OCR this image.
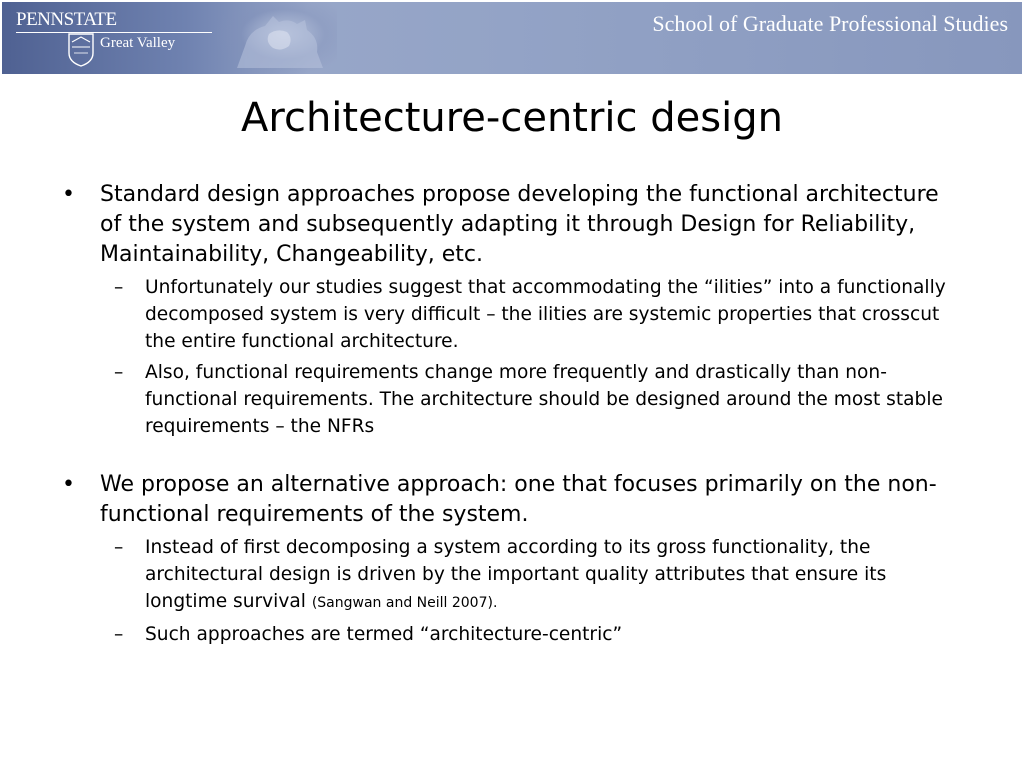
PENNSTATE
Great Valley
School of Graduate Professional Studies
Architecture-centric design
• Standard design approaches propose developing the functional architecture of the system and subsequently adapting it through Design for Reliability, Maintainability, Changeability, etc.
– Unfortunately our studies suggest that accommodating the “ilities” into a functionally decomposed system is very difficult – the ilities are systemic properties that crosscut the entire functional architecture.
– Also, functional requirements change more frequently and drastically than non-functional requirements. The architecture should be designed around the most stable requirements – the NFRs
• We propose an alternative approach: one that focuses primarily on the non-functional requirements of the system.
– Instead of first decomposing a system according to its gross functionality, the architectural design is driven by the important quality attributes that ensure its longtime survival (Sangwan and Neill 2007).
– Such approaches are termed “architecture-centric”
